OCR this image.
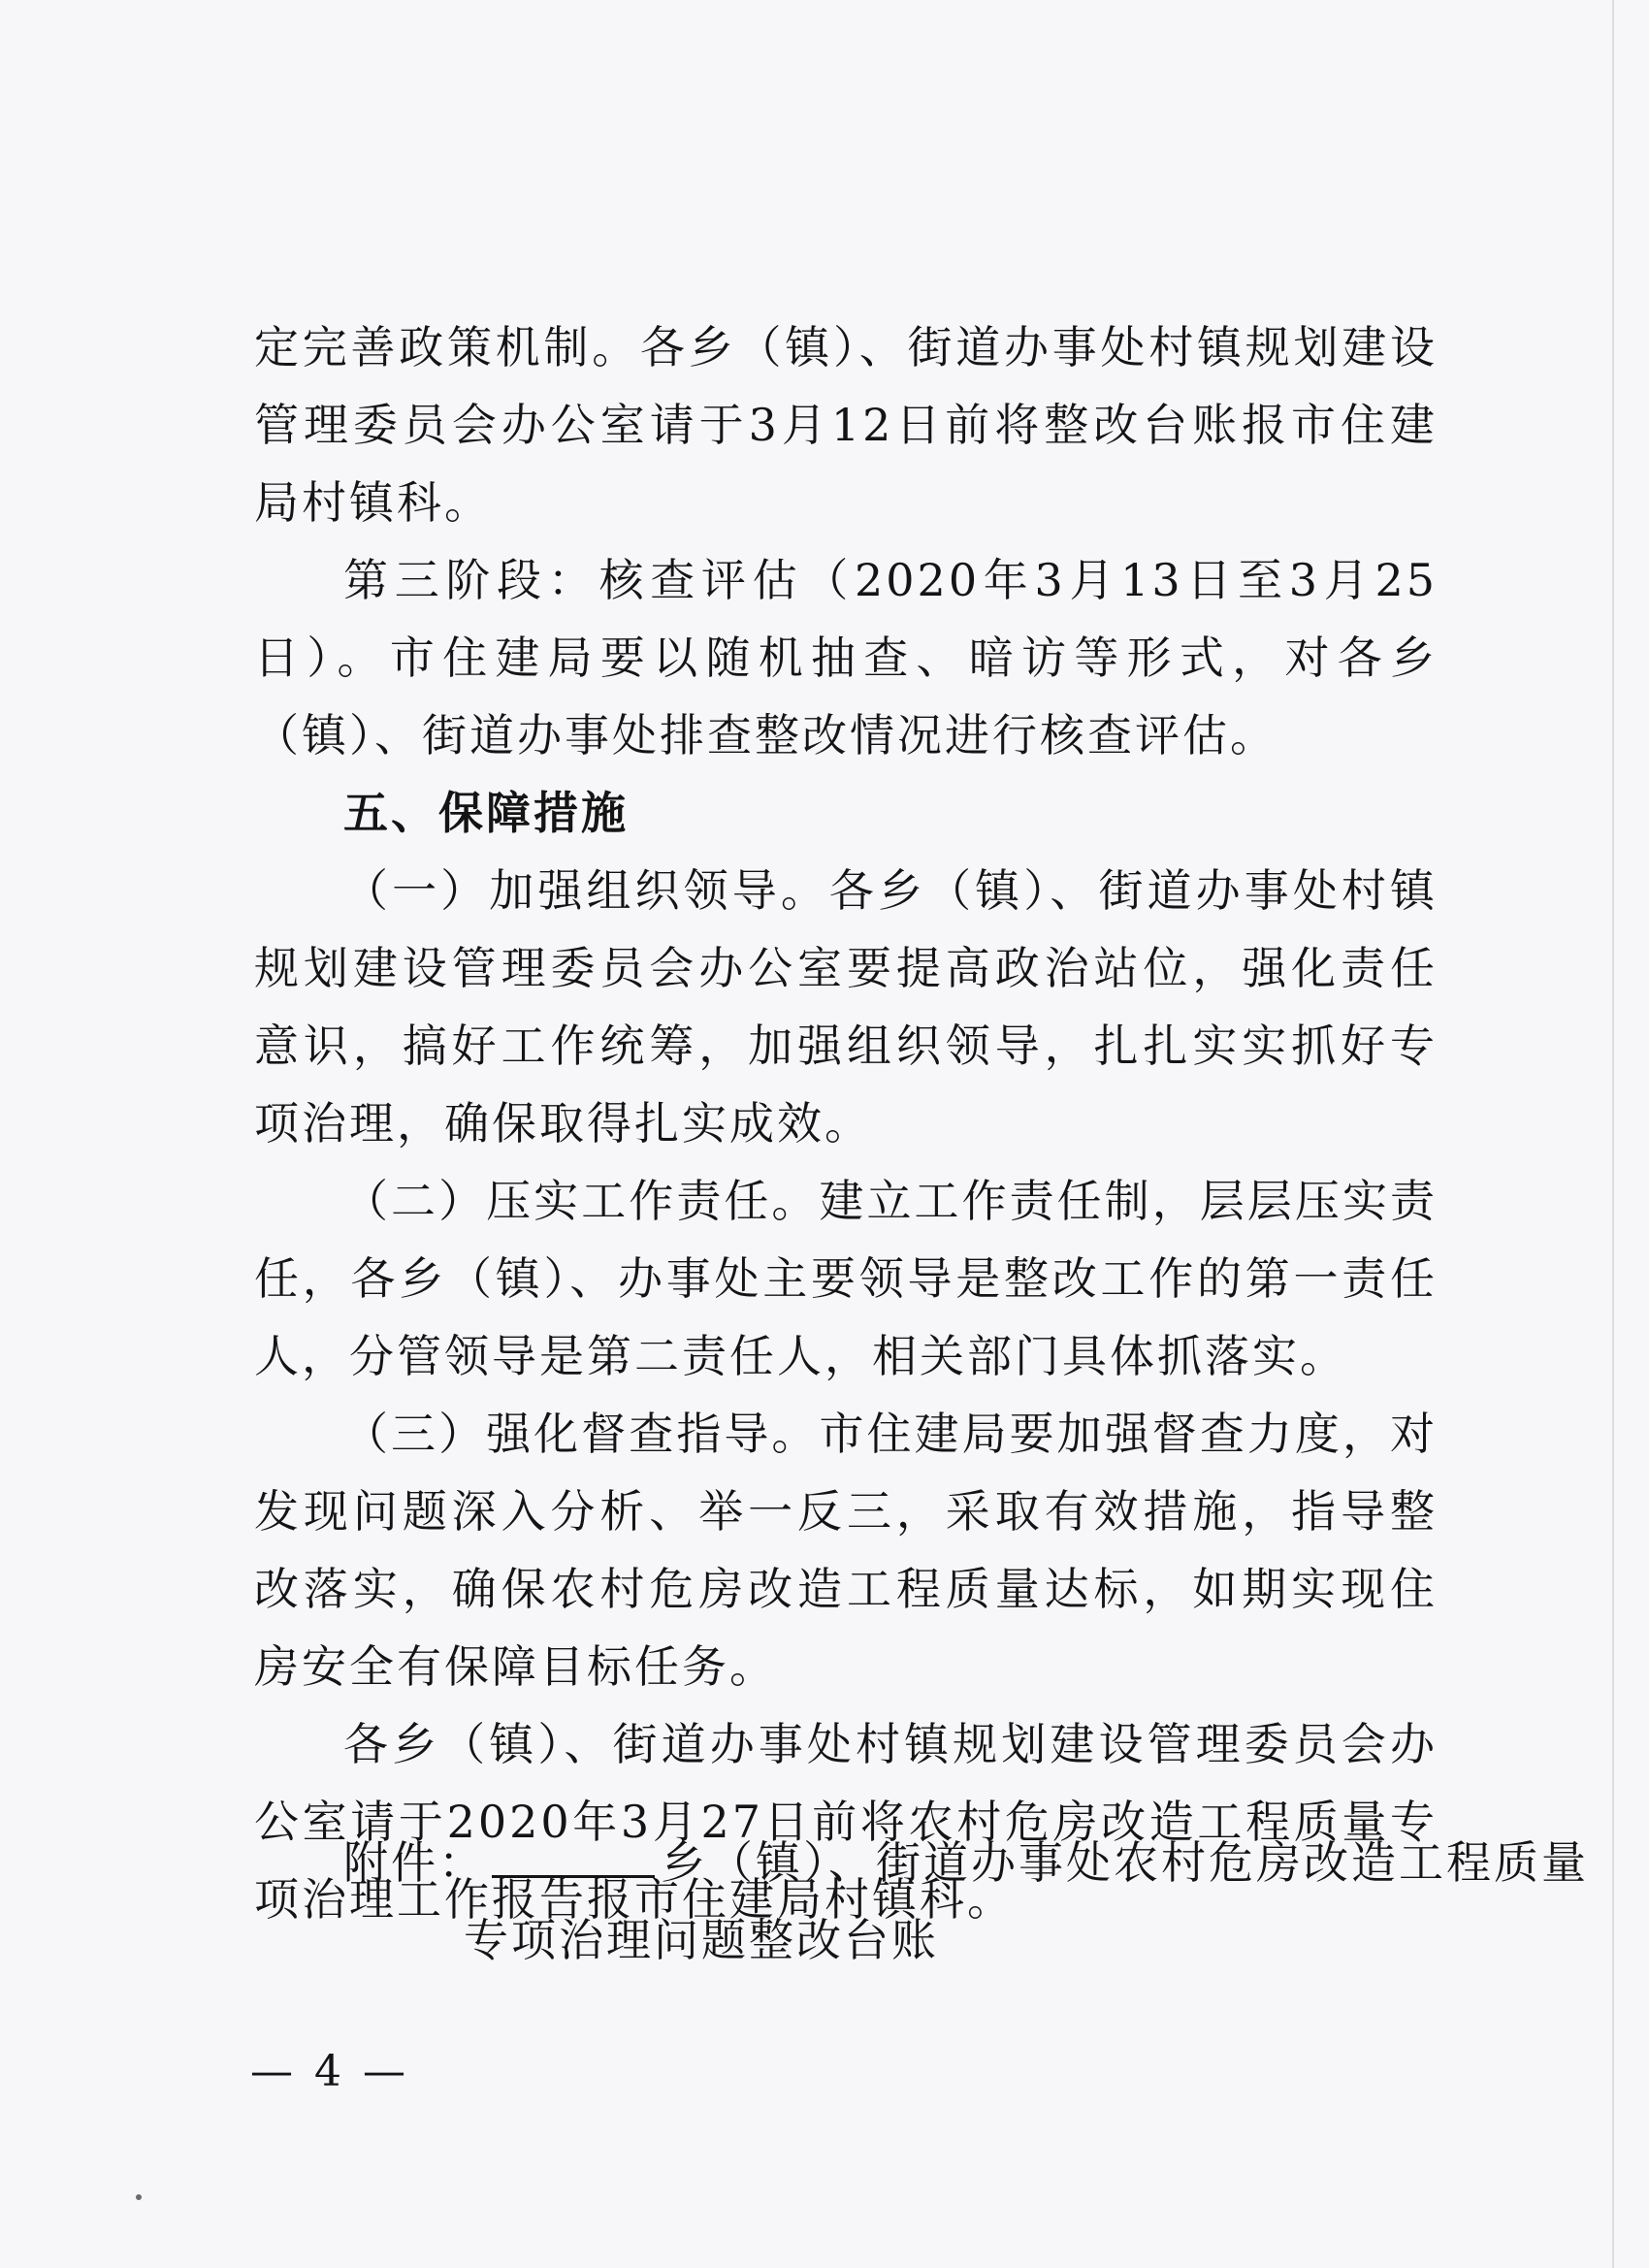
定完善政策机制。各乡（镇）、街道办事处村镇规划建设管理委员会办公室请于3月12日前将整改台账报市住建局村镇科。

第三阶段：核查评估（2020年3月13日至3月25日）。市住建局要以随机抽查、暗访等形式，对各乡（镇）、街道办事处排查整改情况进行核查评估。

五、保障措施

（一）加强组织领导。各乡（镇）、街道办事处村镇规划建设管理委员会办公室要提高政治站位，强化责任意识，搞好工作统筹，加强组织领导，扎扎实实抓好专项治理，确保取得扎实成效。

（二）压实工作责任。建立工作责任制，层层压实责任，各乡（镇）、办事处主要领导是整改工作的第一责任人，分管领导是第二责任人，相关部门具体抓落实。

（三）强化督查指导。市住建局要加强督查力度，对发现问题深入分析、举一反三，采取有效措施，指导整改落实，确保农村危房改造工程质量达标，如期实现住房安全有保障目标任务。

各乡（镇）、街道办事处村镇规划建设管理委员会办公室请于2020年3月27日前将农村危房改造工程质量专项治理工作报告报市住建局村镇科。

附件：	乡（镇）、街道办事处农村危房改造工程质量
专项治理问题整改台账
— 4 —
